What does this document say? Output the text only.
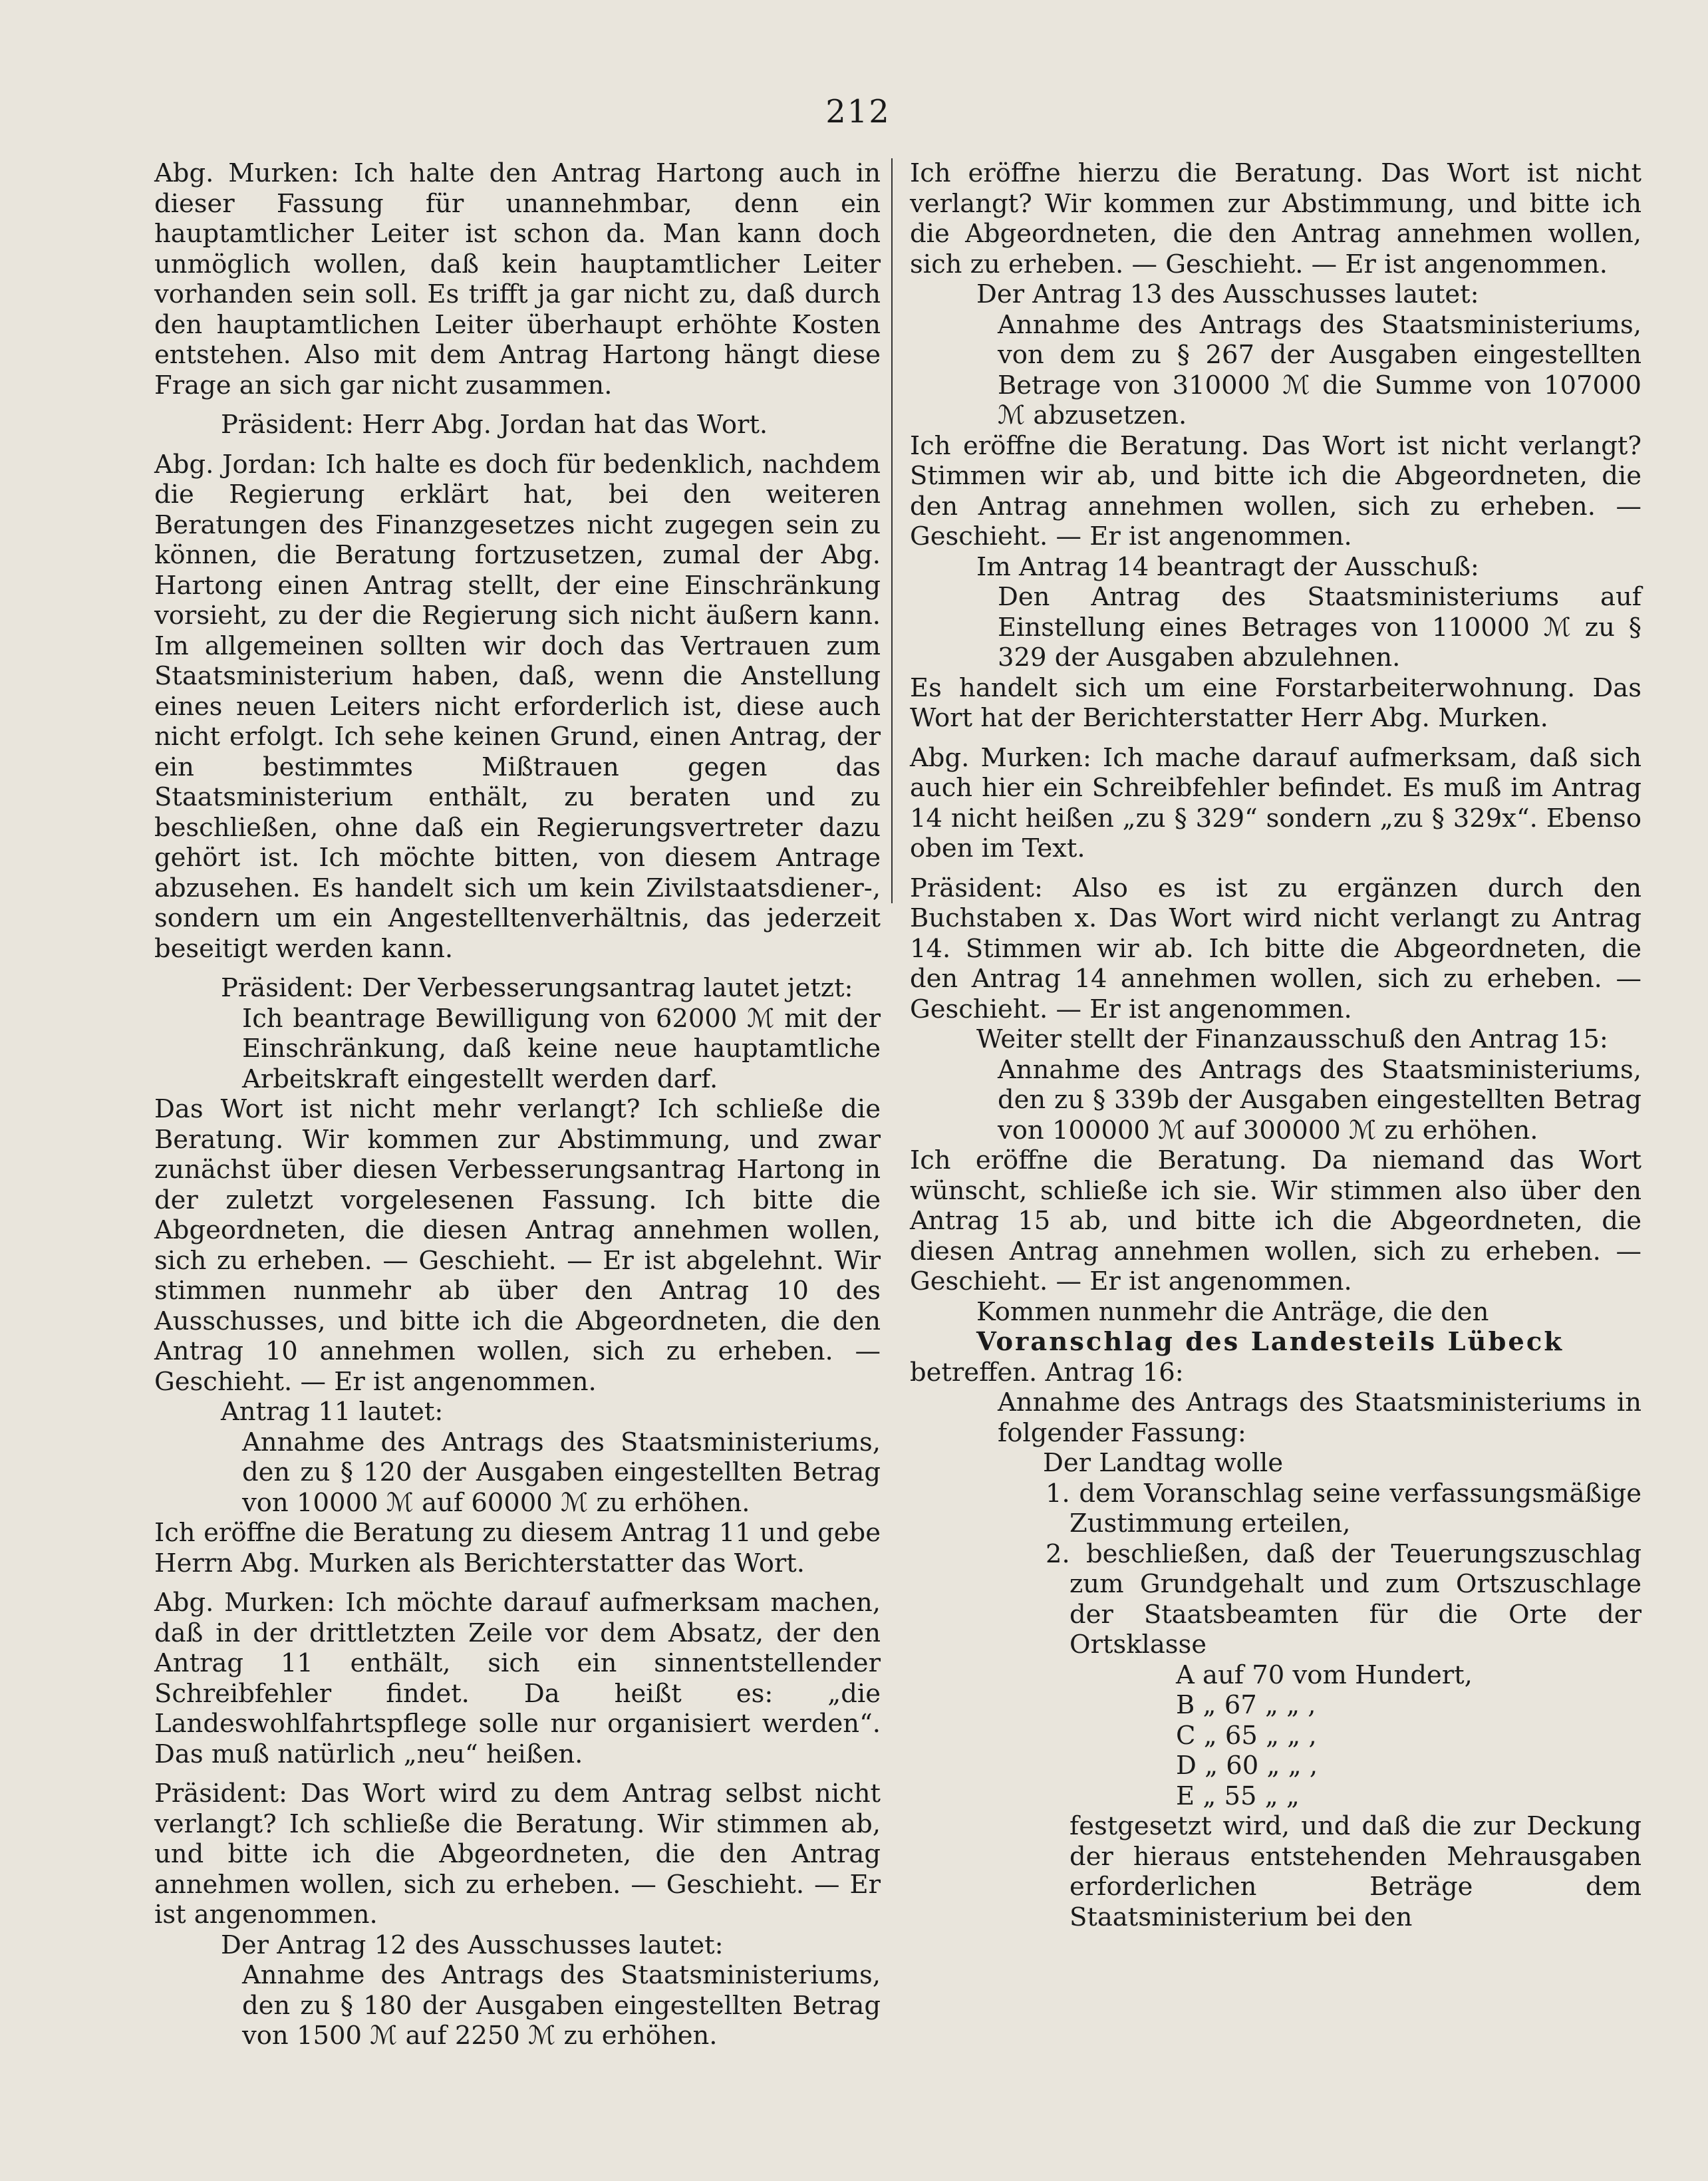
212

Abg. Murken: Ich halte den Antrag Hartong auch in dieser Fassung für unannehmbar, denn ein hauptamtlicher Leiter ist schon da. Man kann doch unmöglich wollen, daß kein hauptamtlicher Leiter vorhanden sein soll. Es trifft ja gar nicht zu, daß durch den hauptamtlichen Leiter überhaupt erhöhte Kosten entstehen. Also mit dem Antrag Hartong hängt diese Frage an sich gar nicht zusammen.

Präsident: Herr Abg. Jordan hat das Wort.

Abg. Jordan: Ich halte es doch für bedenklich, nachdem die Regierung erklärt hat, bei den weiteren Beratungen des Finanzgesetzes nicht zugegen sein zu können, die Beratung fortzusetzen, zumal der Abg. Hartong einen Antrag stellt, der eine Einschränkung vorsieht, zu der die Regierung sich nicht äußern kann. Im allgemeinen sollten wir doch das Vertrauen zum Staatsministerium haben, daß, wenn die Anstellung eines neuen Leiters nicht erforderlich ist, diese auch nicht erfolgt. Ich sehe keinen Grund, einen Antrag, der ein bestimmtes Mißtrauen gegen das Staatsministerium enthält, zu beraten und zu beschließen, ohne daß ein Regierungsvertreter dazu gehört ist. Ich möchte bitten, von diesem Antrage abzusehen. Es handelt sich um kein Zivilstaatsdiener-, sondern um ein Angestelltenverhältnis, das jederzeit beseitigt werden kann.

Präsident: Der Verbesserungsantrag lautet jetzt:

Ich beantrage Bewilligung von 62000 ℳ mit der Einschränkung, daß keine neue hauptamtliche Arbeitskraft eingestellt werden darf.

Das Wort ist nicht mehr verlangt? Ich schließe die Beratung. Wir kommen zur Abstimmung, und zwar zunächst über diesen Verbesserungsantrag Hartong in der zuletzt vorgelesenen Fassung. Ich bitte die Abgeordneten, die diesen Antrag annehmen wollen, sich zu erheben. — Geschieht. — Er ist abgelehnt. Wir stimmen nunmehr ab über den Antrag 10 des Ausschusses, und bitte ich die Abgeordneten, die den Antrag 10 annehmen wollen, sich zu erheben. — Geschieht. — Er ist angenommen.

Antrag 11 lautet:

Annahme des Antrags des Staatsministeriums, den zu § 120 der Ausgaben eingestellten Betrag von 10000 ℳ auf 60000 ℳ zu erhöhen.

Ich eröffne die Beratung zu diesem Antrag 11 und gebe Herrn Abg. Murken als Berichterstatter das Wort.

Abg. Murken: Ich möchte darauf aufmerksam machen, daß in der drittletzten Zeile vor dem Absatz, der den Antrag 11 enthält, sich ein sinnentstellender Schreibfehler findet. Da heißt es: „die Landeswohlfahrtspflege solle nur organisiert werden“. Das muß natürlich „neu“ heißen.

Präsident: Das Wort wird zu dem Antrag selbst nicht verlangt? Ich schließe die Beratung. Wir stimmen ab, und bitte ich die Abgeordneten, die den Antrag annehmen wollen, sich zu erheben. — Geschieht. — Er ist angenommen.

Der Antrag 12 des Ausschusses lautet:

Annahme des Antrags des Staatsministeriums, den zu § 180 der Ausgaben eingestellten Betrag von 1500 ℳ auf 2250 ℳ zu erhöhen.

Ich eröffne hierzu die Beratung. Das Wort ist nicht verlangt? Wir kommen zur Abstimmung, und bitte ich die Abgeordneten, die den Antrag annehmen wollen, sich zu erheben. — Geschieht. — Er ist angenommen.

Der Antrag 13 des Ausschusses lautet:

Annahme des Antrags des Staatsministeriums, von dem zu § 267 der Ausgaben eingestellten Betrage von 310000 ℳ die Summe von 107000 ℳ abzusetzen.

Ich eröffne die Beratung. Das Wort ist nicht verlangt? Stimmen wir ab, und bitte ich die Abgeordneten, die den Antrag annehmen wollen, sich zu erheben. — Geschieht. — Er ist angenommen.

Im Antrag 14 beantragt der Ausschuß:

Den Antrag des Staatsministeriums auf Einstellung eines Betrages von 110000 ℳ zu § 329 der Ausgaben abzulehnen.

Es handelt sich um eine Forstarbeiterwohnung. Das Wort hat der Berichterstatter Herr Abg. Murken.

Abg. Murken: Ich mache darauf aufmerksam, daß sich auch hier ein Schreibfehler befindet. Es muß im Antrag 14 nicht heißen „zu § 329“ sondern „zu § 329x“. Ebenso oben im Text.

Präsident: Also es ist zu ergänzen durch den Buchstaben x. Das Wort wird nicht verlangt zu Antrag 14. Stimmen wir ab. Ich bitte die Abgeordneten, die den Antrag 14 annehmen wollen, sich zu erheben. — Geschieht. — Er ist angenommen.

Weiter stellt der Finanzausschuß den Antrag 15:

Annahme des Antrags des Staatsministeriums, den zu § 339b der Ausgaben eingestellten Betrag von 100000 ℳ auf 300000 ℳ zu erhöhen.

Ich eröffne die Beratung. Da niemand das Wort wünscht, schließe ich sie. Wir stimmen also über den Antrag 15 ab, und bitte ich die Abgeordneten, die diesen Antrag annehmen wollen, sich zu erheben. — Geschieht. — Er ist angenommen.

Kommen nunmehr die Anträge, die den

Voranschlag des Landesteils Lübeck

betreffen. Antrag 16:

Annahme des Antrags des Staatsministeriums in folgender Fassung:

Der Landtag wolle

1. dem Voranschlag seine verfassungsmäßige Zustimmung erteilen,

2. beschließen, daß der Teuerungszuschlag zum Grundgehalt und zum Ortszuschlage der Staatsbeamten für die Orte der Ortsklasse

A auf 70 vom Hundert,
B „ 67 „ „ ,
C „ 65 „ „ ,
D „ 60 „ „ ,
E „ 55 „ „

festgesetzt wird, und daß die zur Deckung der hieraus entstehenden Mehrausgaben erforderlichen Beträge dem Staatsministerium bei den
